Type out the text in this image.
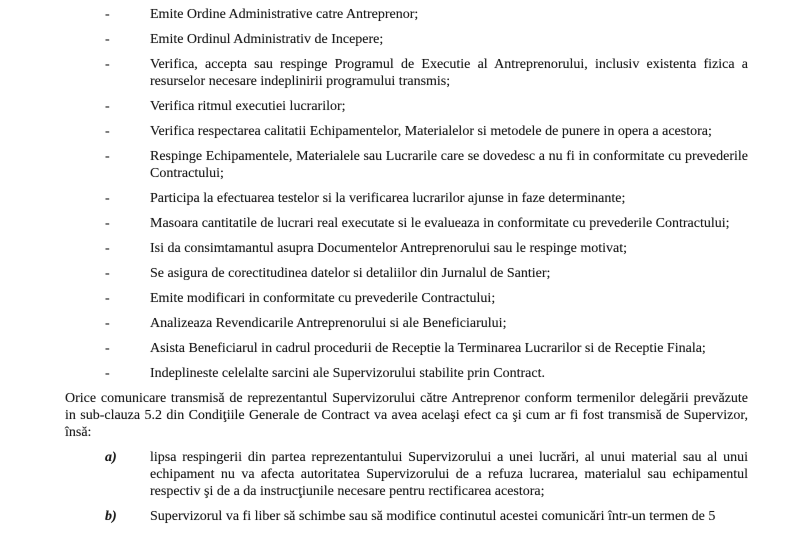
-	Emite Ordine Administrative catre Antreprenor;
-	Emite Ordinul Administrativ de Incepere;
-	Verifica, accepta sau respinge Programul de Executie al Antreprenorului, inclusiv existenta fizica a resurselor necesare indeplinirii programului transmis;
-	Verifica ritmul executiei lucrarilor;
-	Verifica respectarea calitatii Echipamentelor, Materialelor si metodele de punere in opera a acestora;
-	Respinge Echipamentele, Materialele sau Lucrarile care se dovedesc a nu fi in conformitate cu prevederile Contractului;
-	Participa la efectuarea testelor si la verificarea lucrarilor ajunse in faze determinante;
-	Masoara cantitatile de lucrari real executate si le evalueaza in conformitate cu prevederile Contractului;
-	Isi da consimtamantul asupra Documentelor Antreprenorului sau le respinge motivat;
-	Se asigura de corectitudinea datelor si detaliilor din Jurnalul de Santier;
-	Emite modificari in conformitate cu prevederile Contractului;
-	Analizeaza Revendicarile Antreprenorului si ale Beneficiarului;
-	Asista Beneficiarul in cadrul procedurii de Receptie la Terminarea Lucrarilor si de Receptie Finala;
-	Indeplineste celelalte sarcini ale Supervizorului stabilite prin Contract.

Orice comunicare transmisă de reprezentantul Supervizorului către Antreprenor conform termenilor delegării prevăzute in sub-clauza 5.2 din Condiţiile Generale de Contract va avea acelaşi efect ca şi cum ar fi fost transmisă de Supervizor, însă:

a)	lipsa respingerii din partea reprezentantului Supervizorului a unei lucrări, al unui material sau al unui echipament nu va afecta autoritatea Supervizorului de a refuza lucrarea, materialul sau echipamentul respectiv şi de a da instrucţiunile necesare pentru rectificarea acestora;
b)	Supervizorul va fi liber să schimbe sau să modifice continutul acestei comunicări într-un termen de 5
